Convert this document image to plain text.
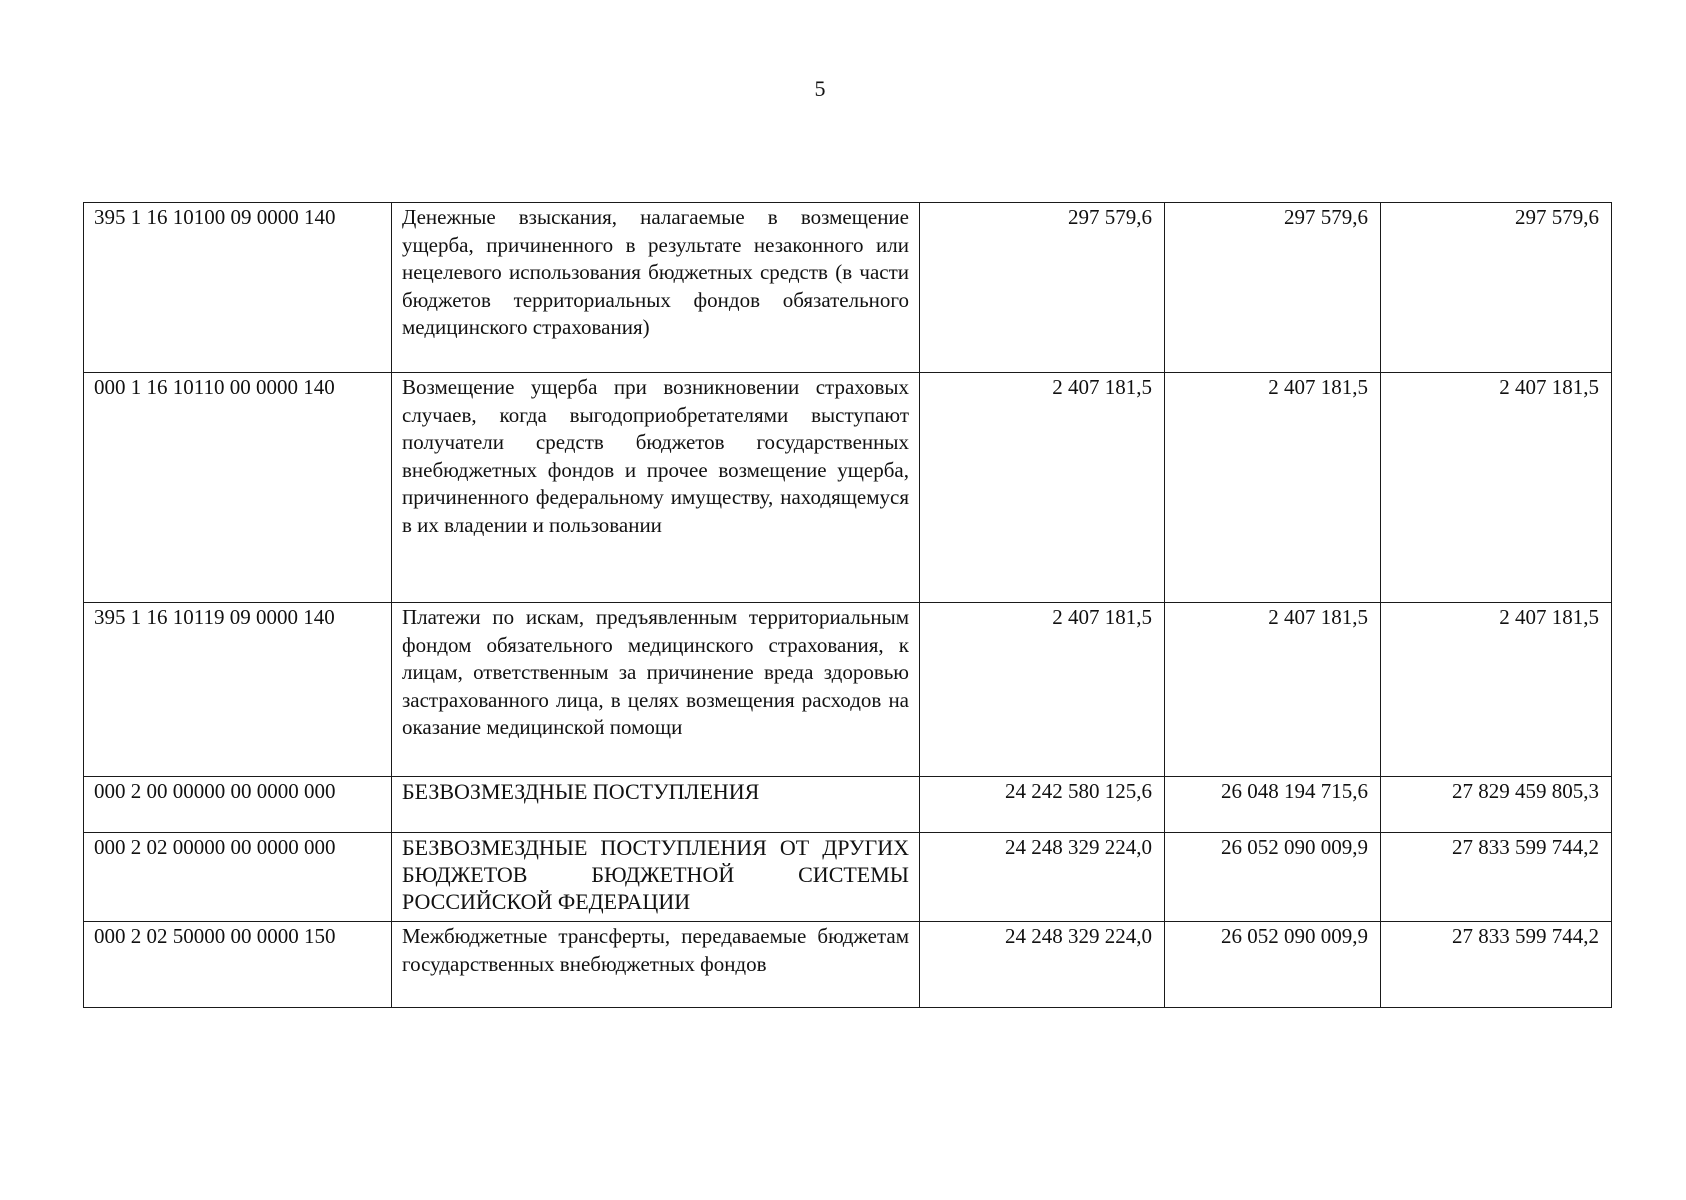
5
395 1 16 10100 09 0000 140	Денежные взыскания, налагаемые в возмещение ущерба, причиненного в результате незаконного или нецелевого использования бюджетных средств (в части бюджетов территориальных фондов обязательного медицинского страхования)	297 579,6	297 579,6	297 579,6
000 1 16 10110 00 0000 140	Возмещение ущерба при возникновении страховых случаев, когда выгодоприобретателями выступают получатели средств бюджетов государственных внебюджетных фондов и прочее возмещение ущерба, причиненного федеральному имуществу, находящемуся в их владении и пользовании	2 407 181,5	2 407 181,5	2 407 181,5
395 1 16 10119 09 0000 140	Платежи по искам, предъявленным территориальным фондом обязательного медицинского страхования, к лицам, ответственным за причинение вреда здоровью застрахованного лица, в целях возмещения расходов на оказание медицинской помощи	2 407 181,5	2 407 181,5	2 407 181,5
000 2 00 00000 00 0000 000	БЕЗВОЗМЕЗДНЫЕ ПОСТУПЛЕНИЯ	24 242 580 125,6	26 048 194 715,6	27 829 459 805,3
000 2 02 00000 00 0000 000	БЕЗВОЗМЕЗДНЫЕ ПОСТУПЛЕНИЯ ОТ ДРУГИХ БЮДЖЕТОВ БЮДЖЕТНОЙ СИСТЕМЫ РОССИЙСКОЙ ФЕДЕРАЦИИ	24 248 329 224,0	26 052 090 009,9	27 833 599 744,2
000 2 02 50000 00 0000 150	Межбюджетные трансферты, передаваемые бюджетам государственных внебюджетных фондов	24 248 329 224,0	26 052 090 009,9	27 833 599 744,2
